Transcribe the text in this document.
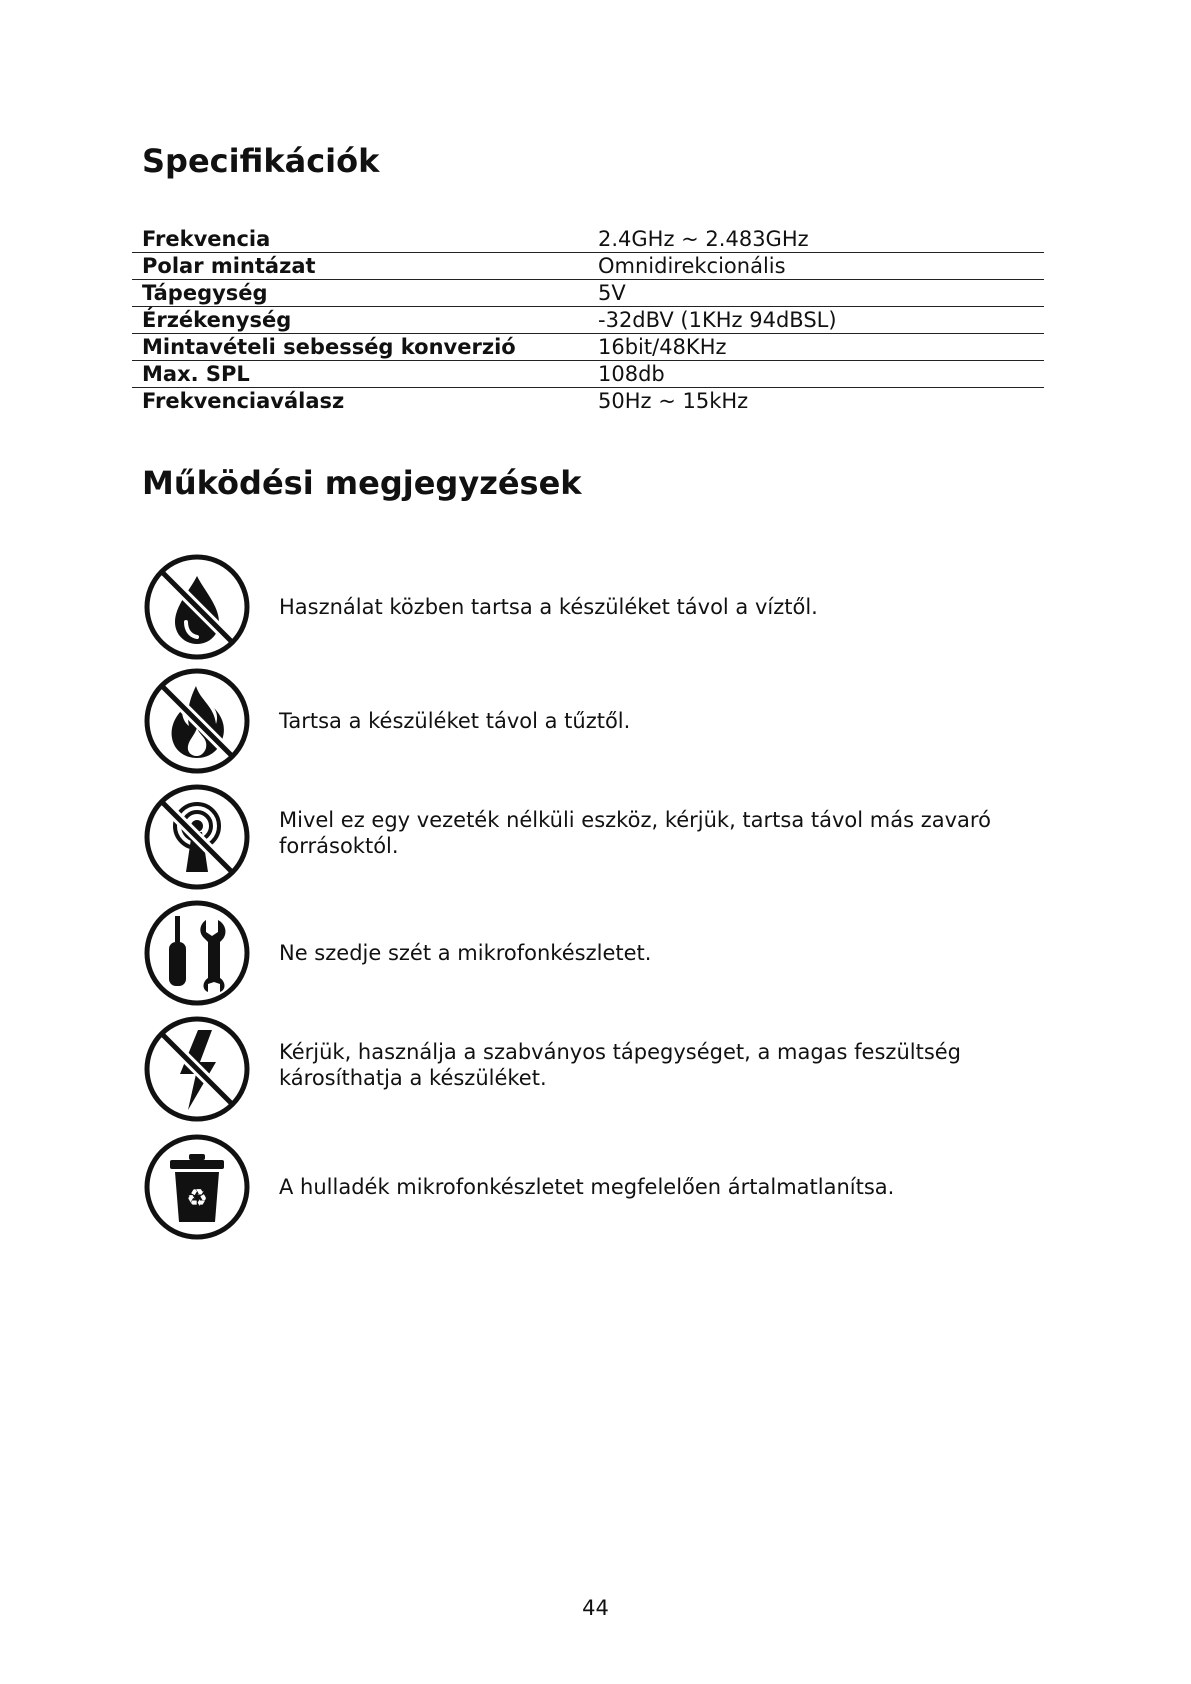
Specifikációk
Frekvencia	2.4GHz ~ 2.483GHz
Polar mintázat	Omnidirekcionális
Tápegység	5V
Érzékenység	-32dBV (1KHz 94dBSL)
Mintavételi sebesség konverzió	16bit/48KHz
Max. SPL	108db
Frekvenciaválasz	50Hz ~ 15kHz
Működési megjegyzések
Használat közben tartsa a készüléket távol a víztől.
Tartsa a készüléket távol a tűztől.
Mivel ez egy vezeték nélküli eszköz, kérjük, tartsa távol más zavaró forrásoktól.
Ne szedje szét a mikrofonkészletet.
Kérjük, használja a szabványos tápegységet, a magas feszültség károsíthatja a készüléket.
♻	A hulladék mikrofonkészletet megfelelően ártalmatlanítsa.
44
